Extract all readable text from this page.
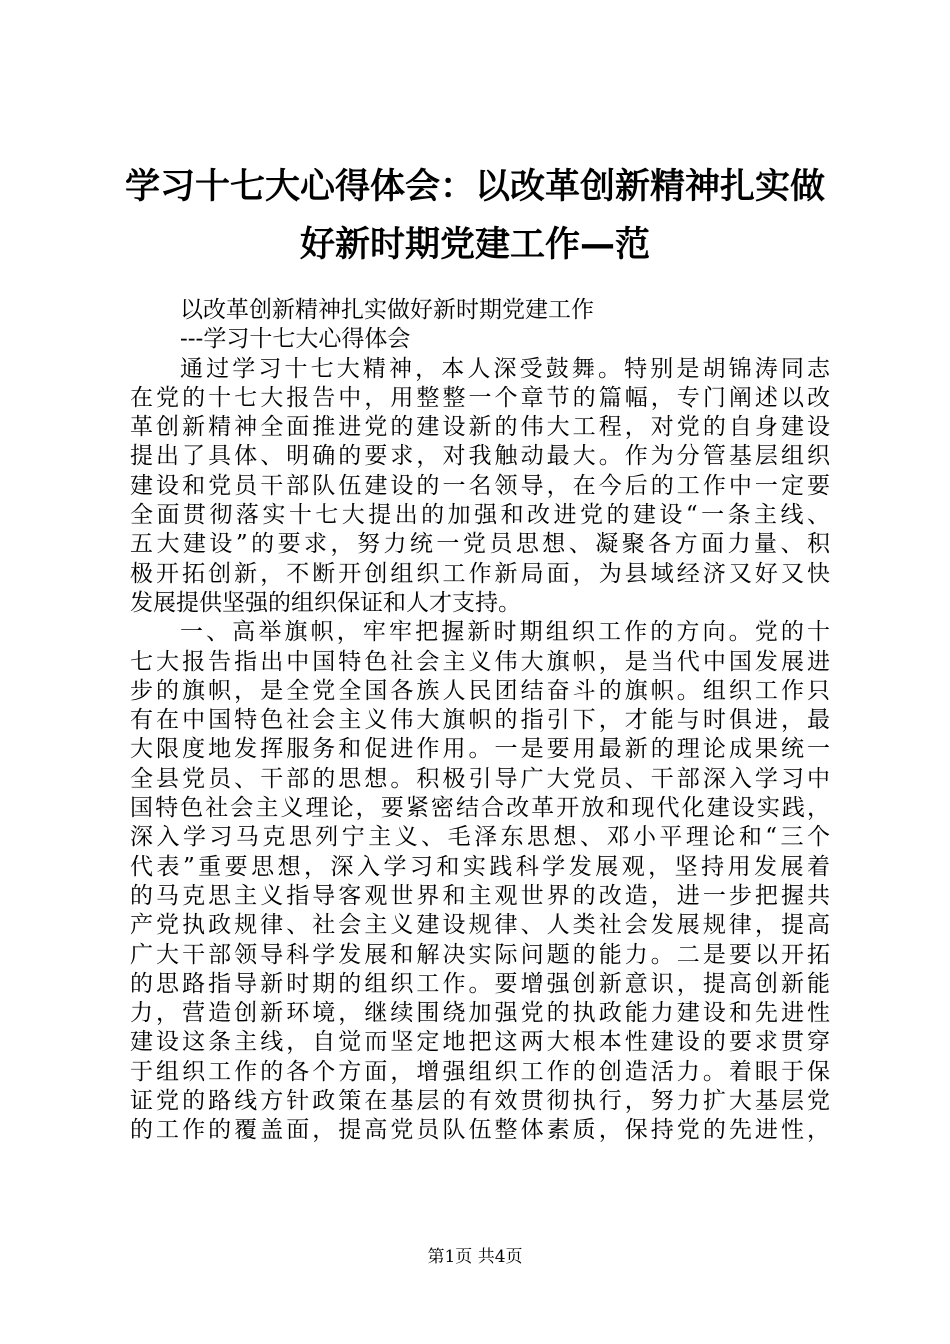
学习十七大心得体会：以改革创新精神扎实做
好新时期党建工作—范
以改革创新精神扎实做好新时期党建工作
---学习十七大心得体会
通过学习十七大精神，本人深受鼓舞。特别是胡锦涛同志
在党的十七大报告中，用整整一个章节的篇幅，专门阐述以改
革创新精神全面推进党的建设新的伟大工程，对党的自身建设
提出了具体、明确的要求，对我触动最大。作为分管基层组织
建设和党员干部队伍建设的一名领导，在今后的工作中一定要
全面贯彻落实十七大提出的加强和改进党的建设“一条主线、
五大建设”的要求，努力统一党员思想、凝聚各方面力量、积
极开拓创新，不断开创组织工作新局面，为县域经济又好又快
发展提供坚强的组织保证和人才支持。
一、高举旗帜，牢牢把握新时期组织工作的方向。党的十
七大报告指出中国特色社会主义伟大旗帜，是当代中国发展进
步的旗帜，是全党全国各族人民团结奋斗的旗帜。组织工作只
有在中国特色社会主义伟大旗帜的指引下，才能与时俱进，最
大限度地发挥服务和促进作用。一是要用最新的理论成果统一
全县党员、干部的思想。积极引导广大党员、干部深入学习中
国特色社会主义理论，要紧密结合改革开放和现代化建设实践，
深入学习马克思列宁主义、毛泽东思想、邓小平理论和“三个
代表”重要思想，深入学习和实践科学发展观，坚持用发展着
的马克思主义指导客观世界和主观世界的改造，进一步把握共
产党执政规律、社会主义建设规律、人类社会发展规律，提高
广大干部领导科学发展和解决实际问题的能力。二是要以开拓
的思路指导新时期的组织工作。要增强创新意识，提高创新能
力，营造创新环境，继续围绕加强党的执政能力建设和先进性
建设这条主线，自觉而坚定地把这两大根本性建设的要求贯穿
于组织工作的各个方面，增强组织工作的创造活力。着眼于保
证党的路线方针政策在基层的有效贯彻执行，努力扩大基层党
的工作的覆盖面，提高党员队伍整体素质，保持党的先进性，
第1页 共4页
